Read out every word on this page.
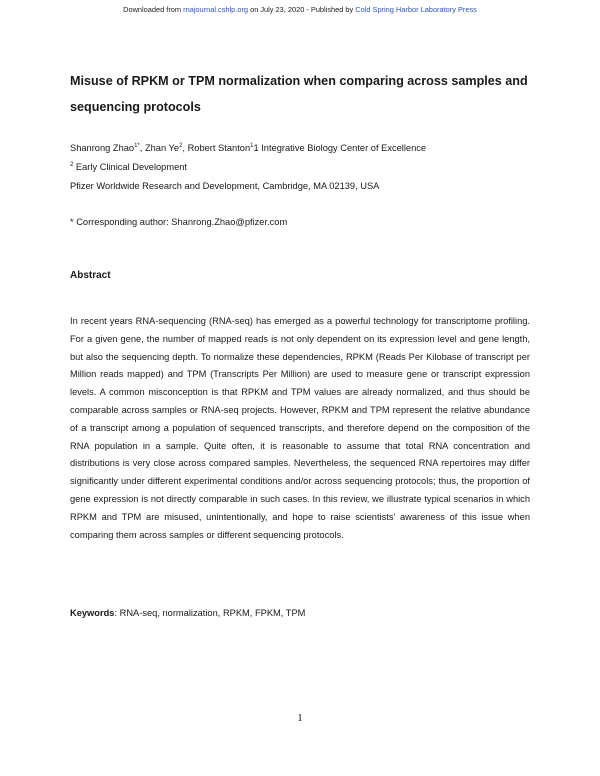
Downloaded from rnajournal.cshlp.org on July 23, 2020 - Published by Cold Spring Harbor Laboratory Press
Misuse of RPKM or TPM normalization when comparing across samples and sequencing protocols

Shanrong Zhao$^{1*}$, Zhan Ye$^2$, Robert Stanton$^1$1 Integrative Biology Center of Excellence

$^2$ Early Clinical Development

Pfizer Worldwide Research and Development, Cambridge, MA 02139, USA

* Corresponding author: Shanrong.Zhao@pfizer.com

Abstract

In recent years RNA-sequencing (RNA-seq) has emerged as a powerful technology for transcriptome profiling. For a given gene, the number of mapped reads is not only dependent on its expression level and gene length, but also the sequencing depth. To normalize these dependencies, RPKM (Reads Per Kilobase of transcript per Million reads mapped) and TPM (Transcripts Per Million) are used to measure gene or transcript expression levels. A common misconception is that RPKM and TPM values are already normalized, and thus should be comparable across samples or RNA-seq projects. However, RPKM and TPM represent the relative abundance of a transcript among a population of sequenced transcripts, and therefore depend on the composition of the RNA population in a sample. Quite often, it is reasonable to assume that total RNA concentration and distributions is very close across compared samples. Nevertheless, the sequenced RNA repertoires may differ significantly under different experimental conditions and/or across sequencing protocols; thus, the proportion of gene expression is not directly comparable in such cases. In this review, we illustrate typical scenarios in which RPKM and TPM are misused, unintentionally, and hope to raise scientists’ awareness of this issue when comparing them across samples or different sequencing protocols.

Keywords: RNA-seq, normalization, RPKM, FPKM, TPM

1
